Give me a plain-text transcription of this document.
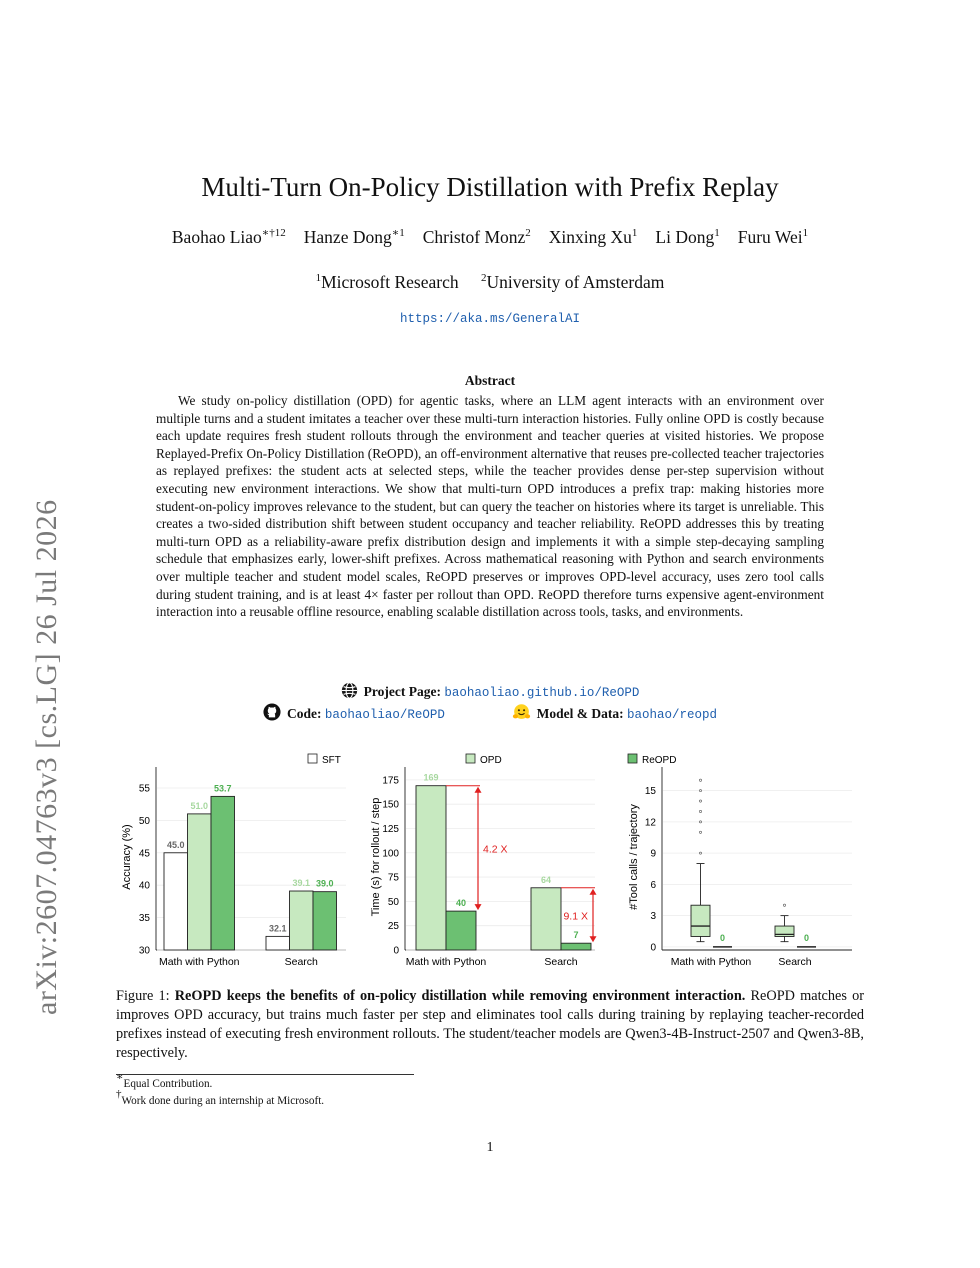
arXiv:2607.04763v3 [cs.LG] 26 Jul 2026
Multi-Turn On-Policy Distillation with Prefix Replay
Baohao Liao$^{∗\dagger 12}$ Hanze Dong$^{∗1}$ Christof Monz$^2$ Xinxing Xu$^1$ Li Dong$^1$ Furu Wei$^1$
$^1$Microsoft Research $^2$University of Amsterdam
https://aka.ms/GeneralAI
Abstract
We study on-policy distillation (OPD) for agentic tasks, where an LLM agent interacts with an environment over multiple turns and a student imitates a teacher over these multi-turn interaction histories. Fully online OPD is costly because each update requires fresh student rollouts through the environment and teacher queries at visited histories. We propose Replayed-Prefix On-Policy Distillation (ReOPD), an off-environment alternative that reuses pre-collected teacher trajectories as replayed prefixes: the student acts at selected steps, while the teacher provides dense per-step supervision without executing new environment interactions. We show that multi-turn OPD introduces a prefix trap: making histories more student-on-policy improves relevance to the student, but can query the teacher on histories where its target is unreliable. This creates a two-sided distribution shift between student occupancy and teacher reliability. ReOPD addresses this by treating multi-turn OPD as a reliability-aware prefix distribution design and implements it with a simple step-decaying sampling schedule that emphasizes early, lower-shift prefixes. Across mathematical reasoning with Python and search environments over multiple teacher and student model scales, ReOPD preserves or improves OPD-level accuracy, uses zero tool calls during student training, and is at least 4× faster per rollout than OPD. ReOPD therefore turns expensive agent-environment interaction into a reusable offline resource, enabling scalable distillation across tools, tasks, and environments.
Project Page: baohaoliao.github.io/ReOPD
Code: baohaoliao/ReOPD	Model & Data: baohao/reopd
SFT	OPD	ReOPD
Accuracy (%)
30
35
40
45
50
55
45.0
51.0
53.7
Math with Python
32.1
39.1 39.0
Search
Time (s) for rollout / step
0
25
50
75
100
125
150
175	169
40
Math with Python
64
7
Search
4.2 X
9.1 X
#Tool calls / trajectory
0
3
6
9
12
15
0
Math with Python
0
Search
Figure 1: ReOPD keeps the benefits of on-policy distillation while removing environment interaction. ReOPD matches or improves OPD accuracy, but trains much faster per step and eliminates tool calls during training by replaying teacher-recorded prefixes instead of executing fresh environment rollouts. The student/teacher models are Qwen3-4B-Instruct-2507 and Qwen3-8B, respectively.
∗Equal Contribution.
†Work done during an internship at Microsoft.
1
